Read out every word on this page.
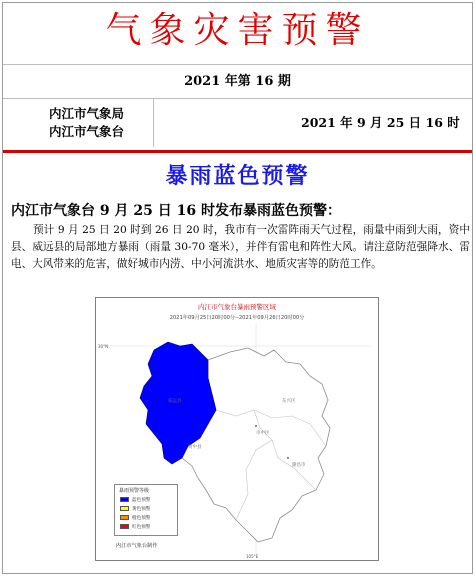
气象灾害预警
2021 年第 16 期
内江市气象局
内江市气象台
2021 年 9 月 25 日 16 时
暴雨蓝色预警
内江市气象台 9 月 25 日 16 时发布暴雨蓝色预警：

预计 9 月 25 日 20 时到 26 日 20 时，我市有一次雷阵雨天气过程，雨量中雨到大雨，资中县、威远县的局部地方暴雨（雨量 30-70 毫米），并伴有雷电和阵性大风。请注意防范强降水、雷电、大风带来的危害，做好城市内涝、中小河流洪水、地质灾害等的防范工作。

威远县
资中县
东兴区
市中区
隆昌市
内江市气象台暴雨预警区域
2021年09月25日20时00分--2021年09月26日20时00分
30°N
105°E
暴雨预警等级
蓝色预警
黄色预警
橙色预警
红色预警
内江市气象台制作
